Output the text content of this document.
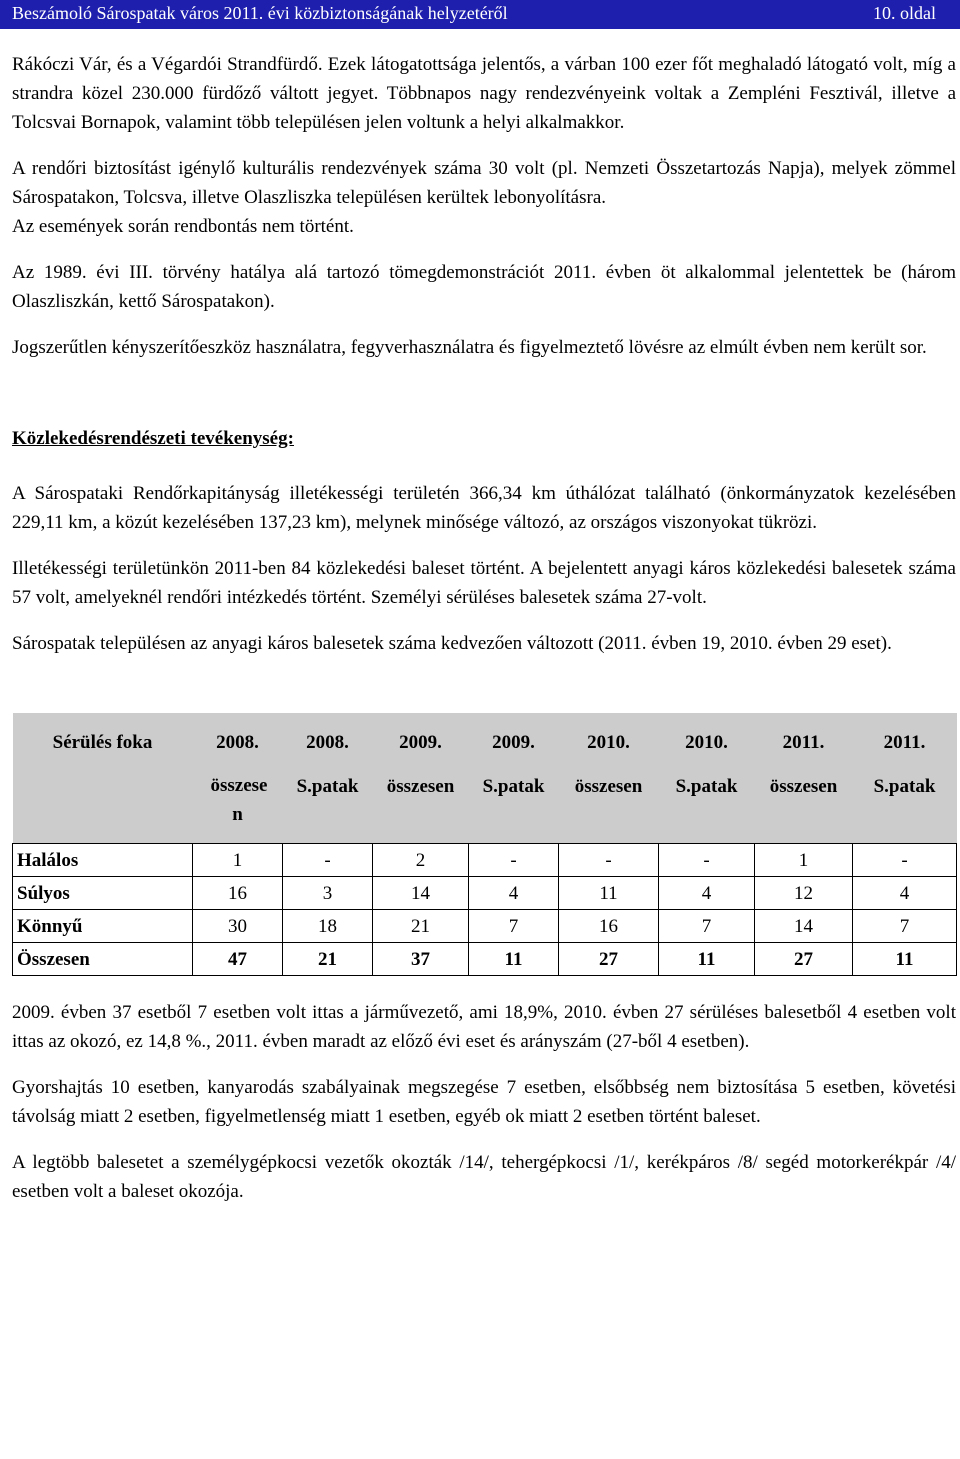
Beszámoló Sárospatak város 2011. évi közbiztonságának helyzetéről	10. oldal

Rákóczi Vár, és a Végardói Strandfürdő. Ezek látogatottsága jelentős, a várban 100 ezer főt meghaladó látogató volt, míg a strandra közel 230.000 fürdőző váltott jegyet. Többnapos nagy rendezvényeink voltak a Zempléni Fesztivál, illetve a Tolcsvai Bornapok, valamint több településen jelen voltunk a helyi alkalmakkor.

A rendőri biztosítást igénylő kulturális rendezvények száma 30 volt (pl. Nemzeti Összetartozás Napja), melyek zömmel Sárospatakon, Tolcsva, illetve Olaszliszka településen kerültek lebonyolításra.

Az események során rendbontás nem történt.

Az 1989. évi III. törvény hatálya alá tartozó tömegdemonstrációt 2011. évben öt alkalommal jelentettek be (három Olaszliszkán, kettő Sárospatakon).

Jogszerűtlen kényszerítőeszköz használatra, fegyverhasználatra és figyelmeztető lövésre az elmúlt évben nem került sor.

Közlekedésrendészeti tevékenység:

A Sárospataki Rendőrkapitányság illetékességi területén 366,34 km úthálózat található (önkormányzatok kezelésében 229,11 km, a közút kezelésében 137,23 km), melynek minősége változó, az országos viszonyokat tükrözi.

Illetékességi területünkön 2011-ben 84 közlekedési baleset történt. A bejelentett anyagi káros közlekedési balesetek száma 57 volt, amelyeknél rendőri intézkedés történt. Személyi sérüléses balesetek száma 27-volt.

Sárospatak településen az anyagi káros balesetek száma kedvezően változott (2011. évben 19, 2010. évben 29 eset).

Sérülés foka	2008.	2008.	2009.	2009.	2010.	2010.	2011.	2011.
	összese n	S.patak	összesen	S.patak	összesen	S.patak	összesen	S.patak
Halálos	1	-	2	-	-	-	1	-
Súlyos	16	3	14	4	11	4	12	4
Könnyű	30	18	21	7	16	7	14	7
Összesen	47	21	37	11	27	11	27	11

2009. évben 37 esetből 7 esetben volt ittas a járművezető, ami 18,9%, 2010. évben 27 sérüléses balesetből 4 esetben volt ittas az okozó, ez 14,8 %., 2011. évben maradt az előző évi eset és arányszám (27-ből 4 esetben).

Gyorshajtás 10 esetben, kanyarodás szabályainak megszegése 7 esetben, elsőbbség nem biztosítása 5 esetben, követési távolság miatt 2 esetben, figyelmetlenség miatt 1 esetben, egyéb ok miatt 2 esetben történt baleset.

A legtöbb balesetet a személygépkocsi vezetők okozták /14/, tehergépkocsi /1/, kerékpáros /8/ segéd motorkerékpár /4/ esetben volt a baleset okozója.
